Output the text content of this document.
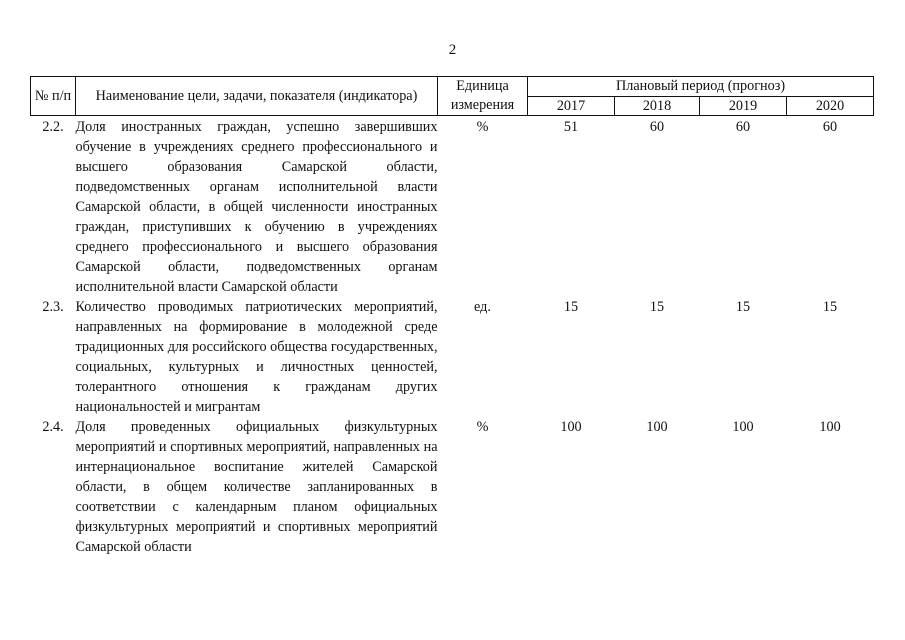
2
№ п/п	Наименование цели, задачи, показателя (индикатора)	Единица измерения	Плановый период (прогноз)			
			2017	2018	2019	2020
2.2.	Доля иностранных граждан, успешно завершивших обучение в учреждениях среднего профессионального и высшего образования Самарской области, подведомственных органам исполнительной власти Самарской области, в общей численности иностранных граждан, приступивших к обучению в учреждениях среднего профессионального и высшего образования Самарской области, подведомственных органам исполнительной власти Самарской области	%	51	60	60	60
2.3.	Количество проводимых патриотических мероприятий, направленных на формирование в молодежной среде традиционных для российского общества государственных, социальных, культурных и личностных ценностей, толерантного отношения к гражданам других национальностей и мигрантам	ед.	15	15	15	15
2.4.	Доля проведенных официальных физкультурных мероприятий и спортивных мероприятий, направленных на интернациональное воспитание жителей Самарской области, в общем количестве запланированных в соответствии с календарным планом официальных физкультурных мероприятий и спортивных мероприятий Самарской области	%	100	100	100	100
